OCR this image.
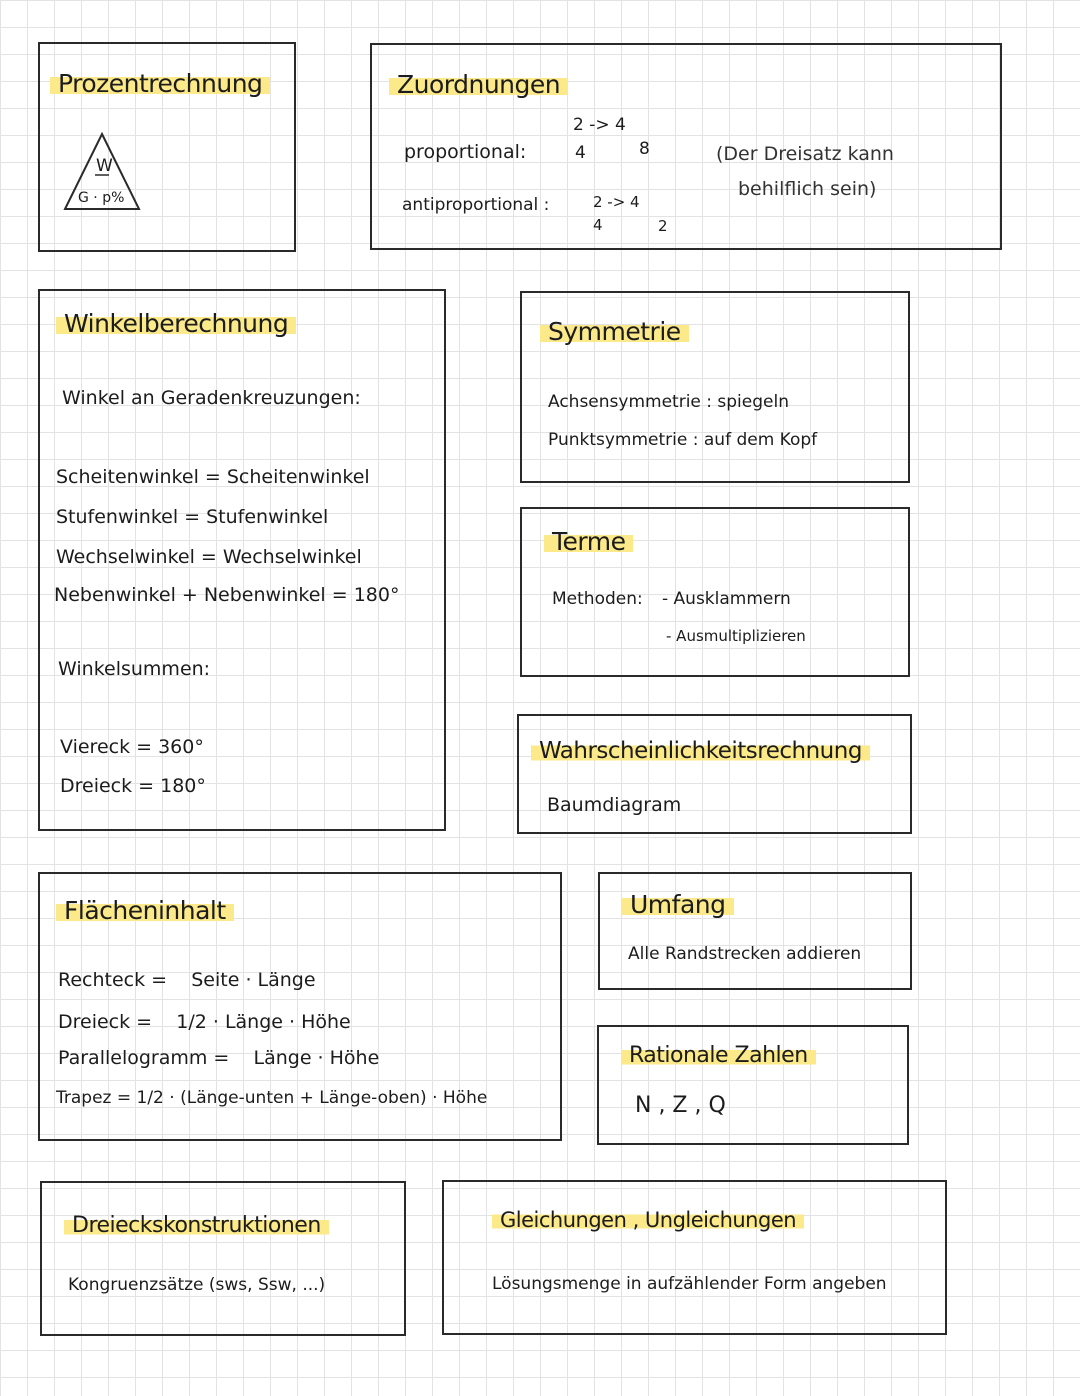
Prozentrechnung
W
G · p%
Zuordnungen
proportional:
2 -> 4
4	8
antiproportional :	2 -> 4
4	2
(Der Dreisatz kann
behilflich sein)
Winkelberechnung
Winkel an Geradenkreuzungen:
Scheitenwinkel = Scheitenwinkel
Stufenwinkel = Stufenwinkel
Wechselwinkel = Wechselwinkel
Nebenwinkel + Nebenwinkel = 180°
Winkelsummen:
Viereck = 360°
Dreieck = 180°
Symmetrie
Achsensymmetrie : spiegeln
Punktsymmetrie : auf dem Kopf
Terme
Methoden: - Ausklammern
- Ausmultiplizieren
Wahrscheinlichkeitsrechnung
Baumdiagram
Flächeninhalt
Rechteck =    Seite · Länge
Dreieck =    1/2 · Länge · Höhe
Parallelogramm =    Länge · Höhe
Trapez = 1/2 · (Länge-unten + Länge-oben) · Höhe
Umfang
Alle Randstrecken addieren
Rationale Zahlen
N , Z , Q
Dreieckskonstruktionen
Kongruenzsätze (sws, Ssw, ...)
Gleichungen , Ungleichungen
Lösungsmenge in aufzählender Form angeben
